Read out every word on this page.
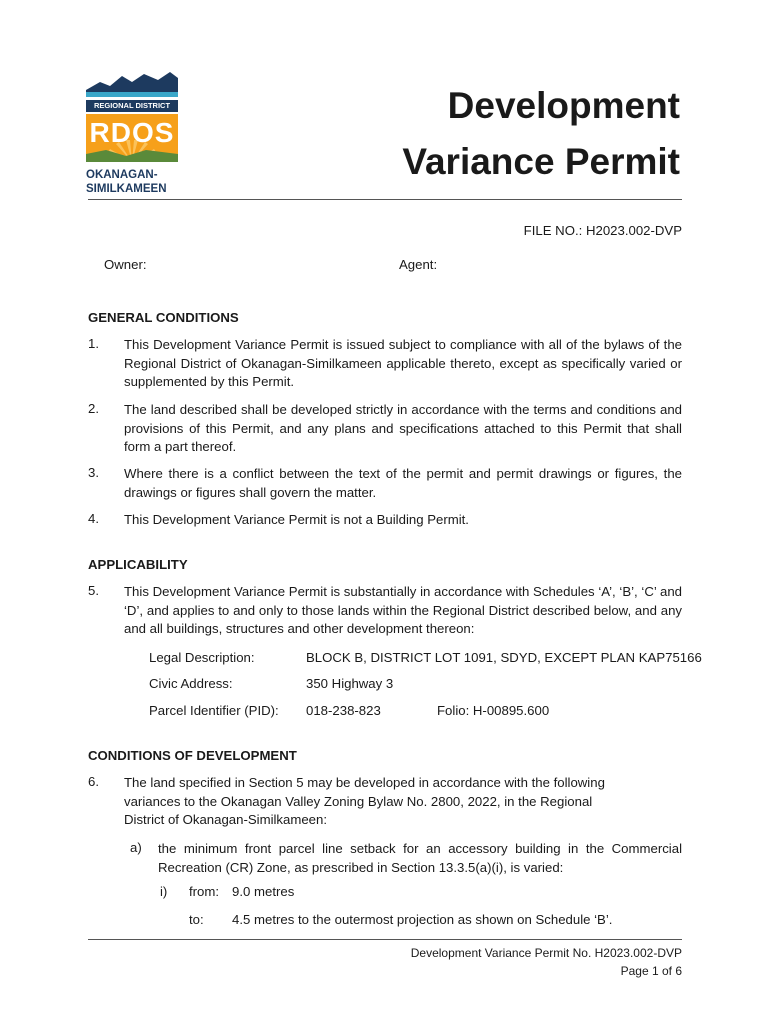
REGIONAL DISTRICT
RDOS
OKANAGAN-
SIMILKAMEEN
Development
Variance Permit
FILE NO.: H2023.002-DVP
Owner:	Agent:
GENERAL CONDITIONS
1. This Development Variance Permit is issued subject to compliance with all of the bylaws of the Regional District of Okanagan-Similkameen applicable thereto, except as specifically varied or supplemented by this Permit.
2. The land described shall be developed strictly in accordance with the terms and conditions and provisions of this Permit, and any plans and specifications attached to this Permit that shall form a part thereof.
3. Where there is a conflict between the text of the permit and permit drawings or figures, the drawings or figures shall govern the matter.
4. This Development Variance Permit is not a Building Permit.
APPLICABILITY
5. This Development Variance Permit is substantially in accordance with Schedules ‘A’, ‘B’, ‘C’ and ‘D’, and applies to and only to those lands within the Regional District described below, and any and all buildings, structures and other development thereon:
Legal Description:	BLOCK B, DISTRICT LOT 1091, SDYD, EXCEPT PLAN KAP75166
Civic Address:	350 Highway 3
Parcel Identifier (PID): 018-238-823	Folio: H-00895.600
CONDITIONS OF DEVELOPMENT
6. The land specified in Section 5 may be developed in accordance with the following variances to the Okanagan Valley Zoning Bylaw No. 2800, 2022, in the Regional District of Okanagan-Similkameen:
a) the minimum front parcel line setback for an accessory building in the Commercial Recreation (CR) Zone, as prescribed in Section 13.3.5(a)(i), is varied:
i) from: 9.0 metres
to: 4.5 metres to the outermost projection as shown on Schedule ‘B’.
Development Variance Permit No. H2023.002-DVP
Page 1 of 6
